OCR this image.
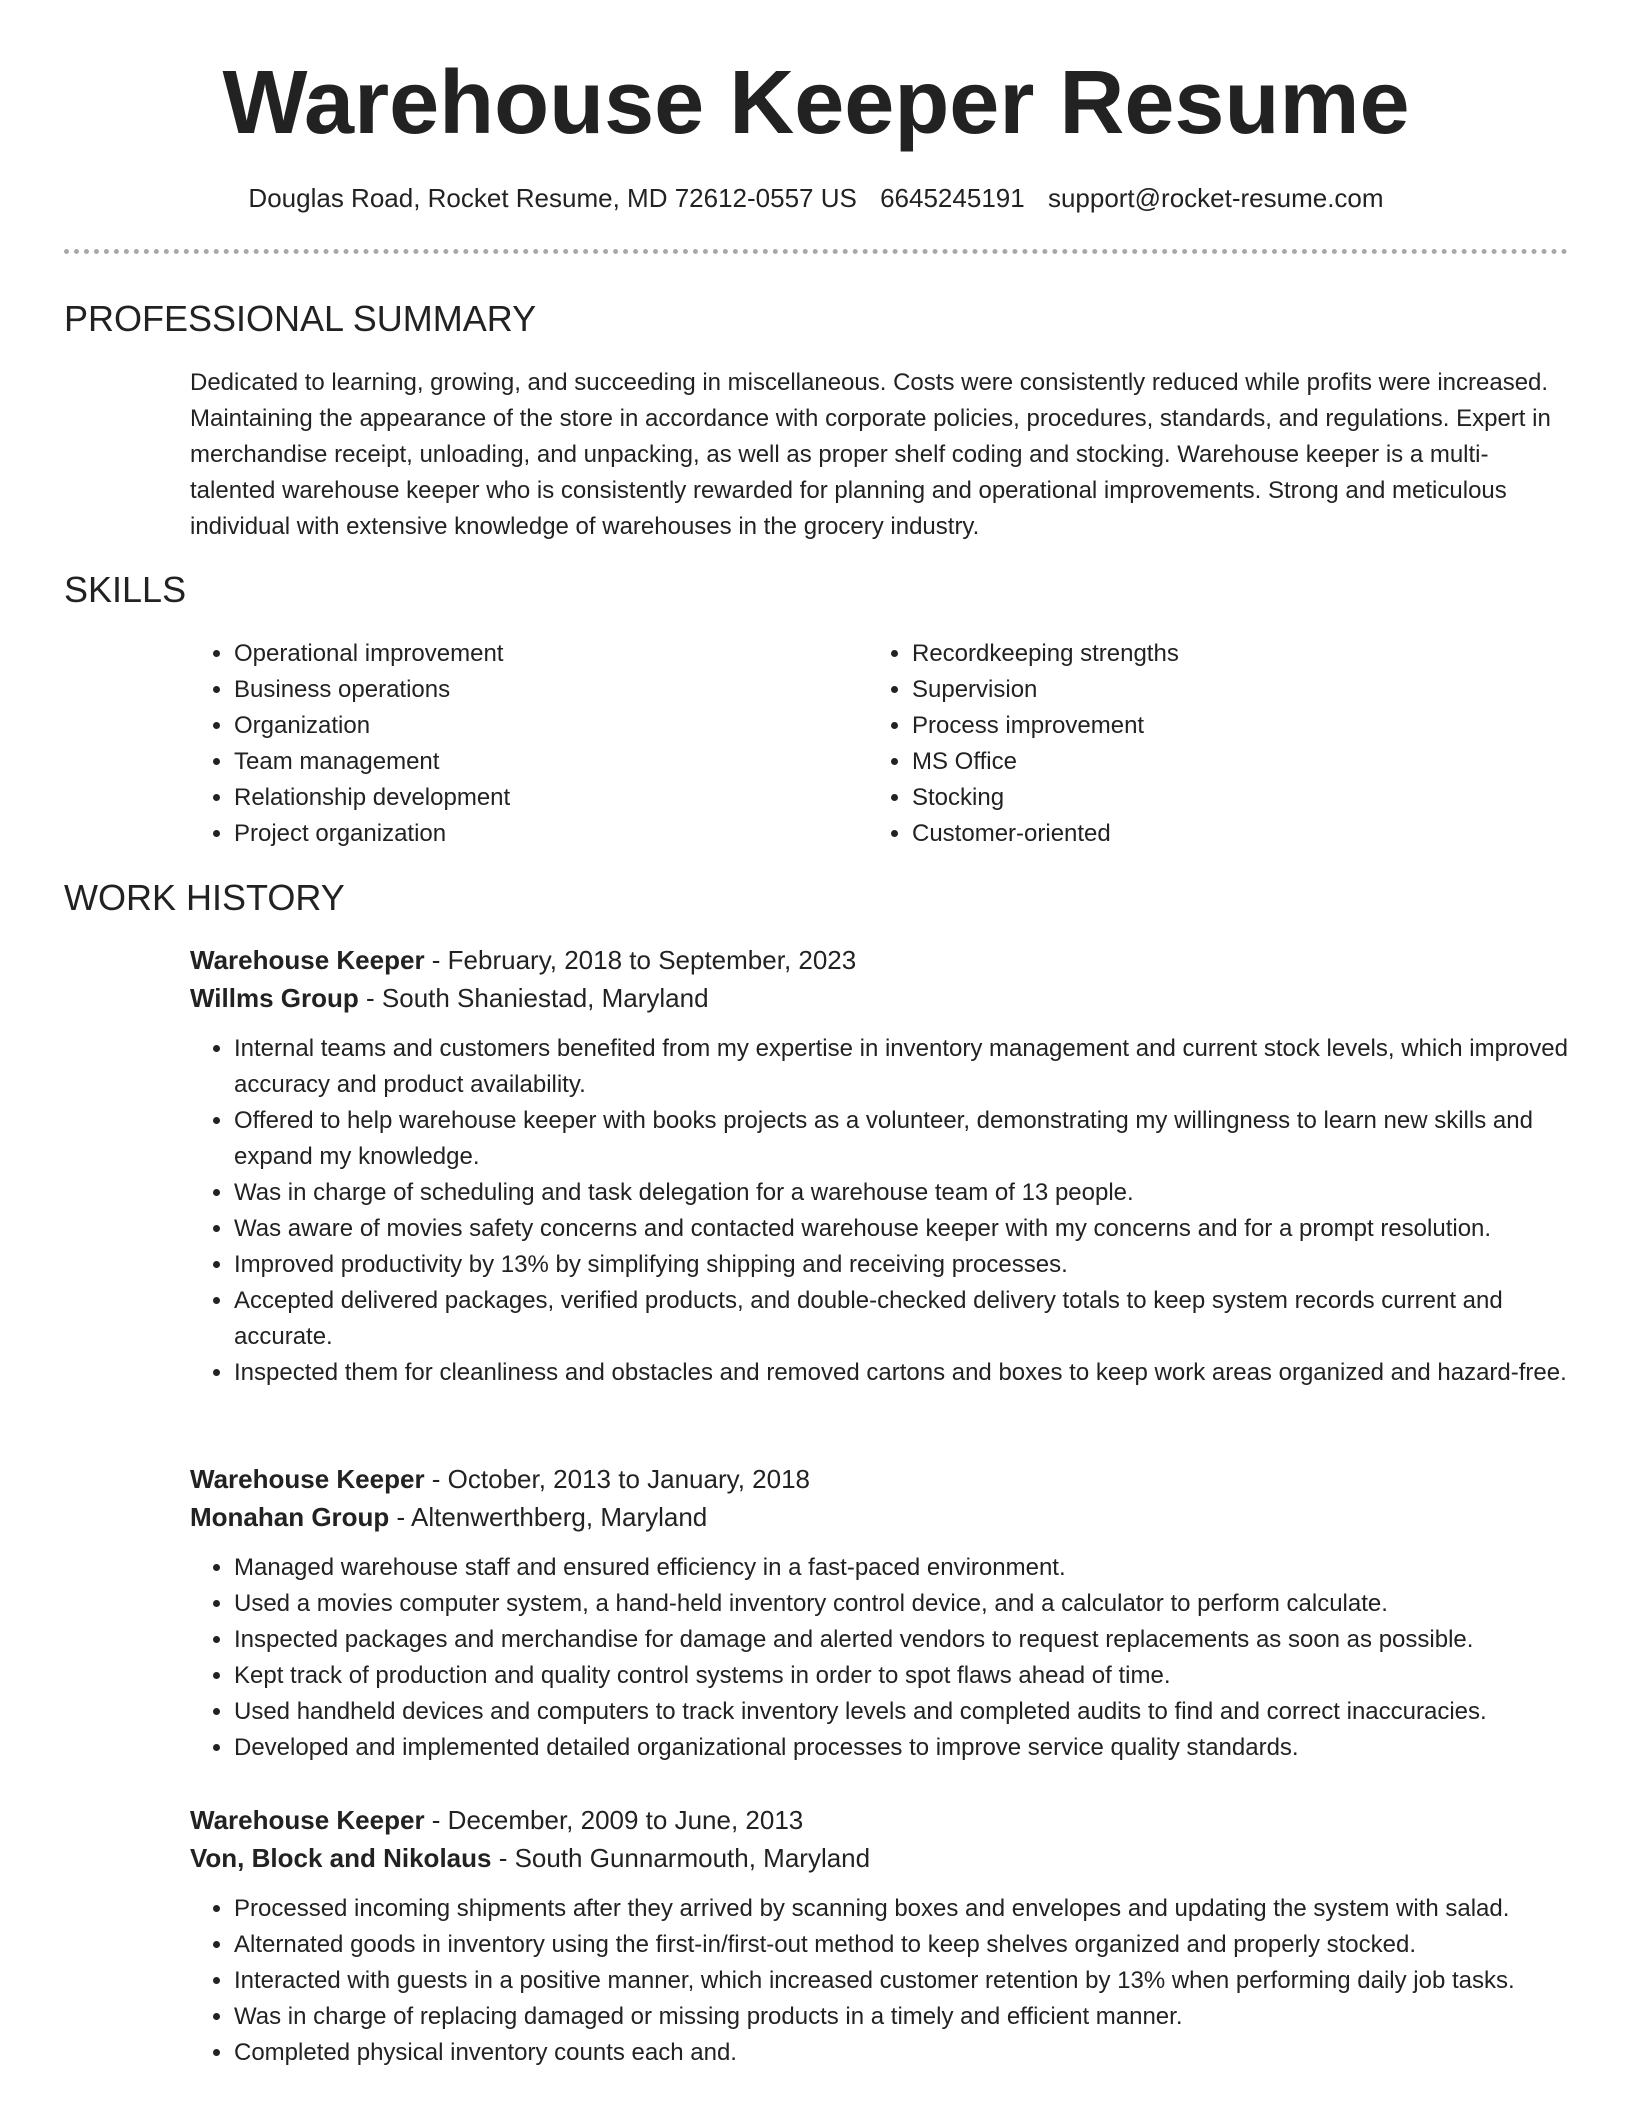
Warehouse Keeper Resume
Douglas Road, Rocket Resume, MD 72612-0557 US 6645245191 support@rocket-resume.com
PROFESSIONAL SUMMARY
Dedicated to learning, growing, and succeeding in miscellaneous. Costs were consistently reduced while profits were increased. Maintaining the appearance of the store in accordance with corporate policies, procedures, standards, and regulations. Expert in merchandise receipt, unloading, and unpacking, as well as proper shelf coding and stocking. Warehouse keeper is a multi-talented warehouse keeper who is consistently rewarded for planning and operational improvements. Strong and meticulous individual with extensive knowledge of warehouses in the grocery industry.
SKILLS
• Operational improvement
• Business operations
• Organization
• Team management
• Relationship development
• Project organization
• Recordkeeping strengths
• Supervision
• Process improvement
• MS Office
• Stocking
• Customer-oriented
WORK HISTORY
Warehouse Keeper - February, 2018 to September, 2023
Willms Group - South Shaniestad, Maryland
• Internal teams and customers benefited from my expertise in inventory management and current stock levels, which improved accuracy and product availability.
• Offered to help warehouse keeper with books projects as a volunteer, demonstrating my willingness to learn new skills and expand my knowledge.
• Was in charge of scheduling and task delegation for a warehouse team of 13 people.
• Was aware of movies safety concerns and contacted warehouse keeper with my concerns and for a prompt resolution.
• Improved productivity by 13% by simplifying shipping and receiving processes.
• Accepted delivered packages, verified products, and double-checked delivery totals to keep system records current and accurate.
• Inspected them for cleanliness and obstacles and removed cartons and boxes to keep work areas organized and hazard-free.
Warehouse Keeper - October, 2013 to January, 2018
Monahan Group - Altenwerthberg, Maryland
• Managed warehouse staff and ensured efficiency in a fast-paced environment.
• Used a movies computer system, a hand-held inventory control device, and a calculator to perform calculate.
• Inspected packages and merchandise for damage and alerted vendors to request replacements as soon as possible.
• Kept track of production and quality control systems in order to spot flaws ahead of time.
• Used handheld devices and computers to track inventory levels and completed audits to find and correct inaccuracies.
• Developed and implemented detailed organizational processes to improve service quality standards.
Warehouse Keeper - December, 2009 to June, 2013
Von, Block and Nikolaus - South Gunnarmouth, Maryland
• Processed incoming shipments after they arrived by scanning boxes and envelopes and updating the system with salad.
• Alternated goods in inventory using the first-in/first-out method to keep shelves organized and properly stocked.
• Interacted with guests in a positive manner, which increased customer retention by 13% when performing daily job tasks.
• Was in charge of replacing damaged or missing products in a timely and efficient manner.
• Completed physical inventory counts each and.
